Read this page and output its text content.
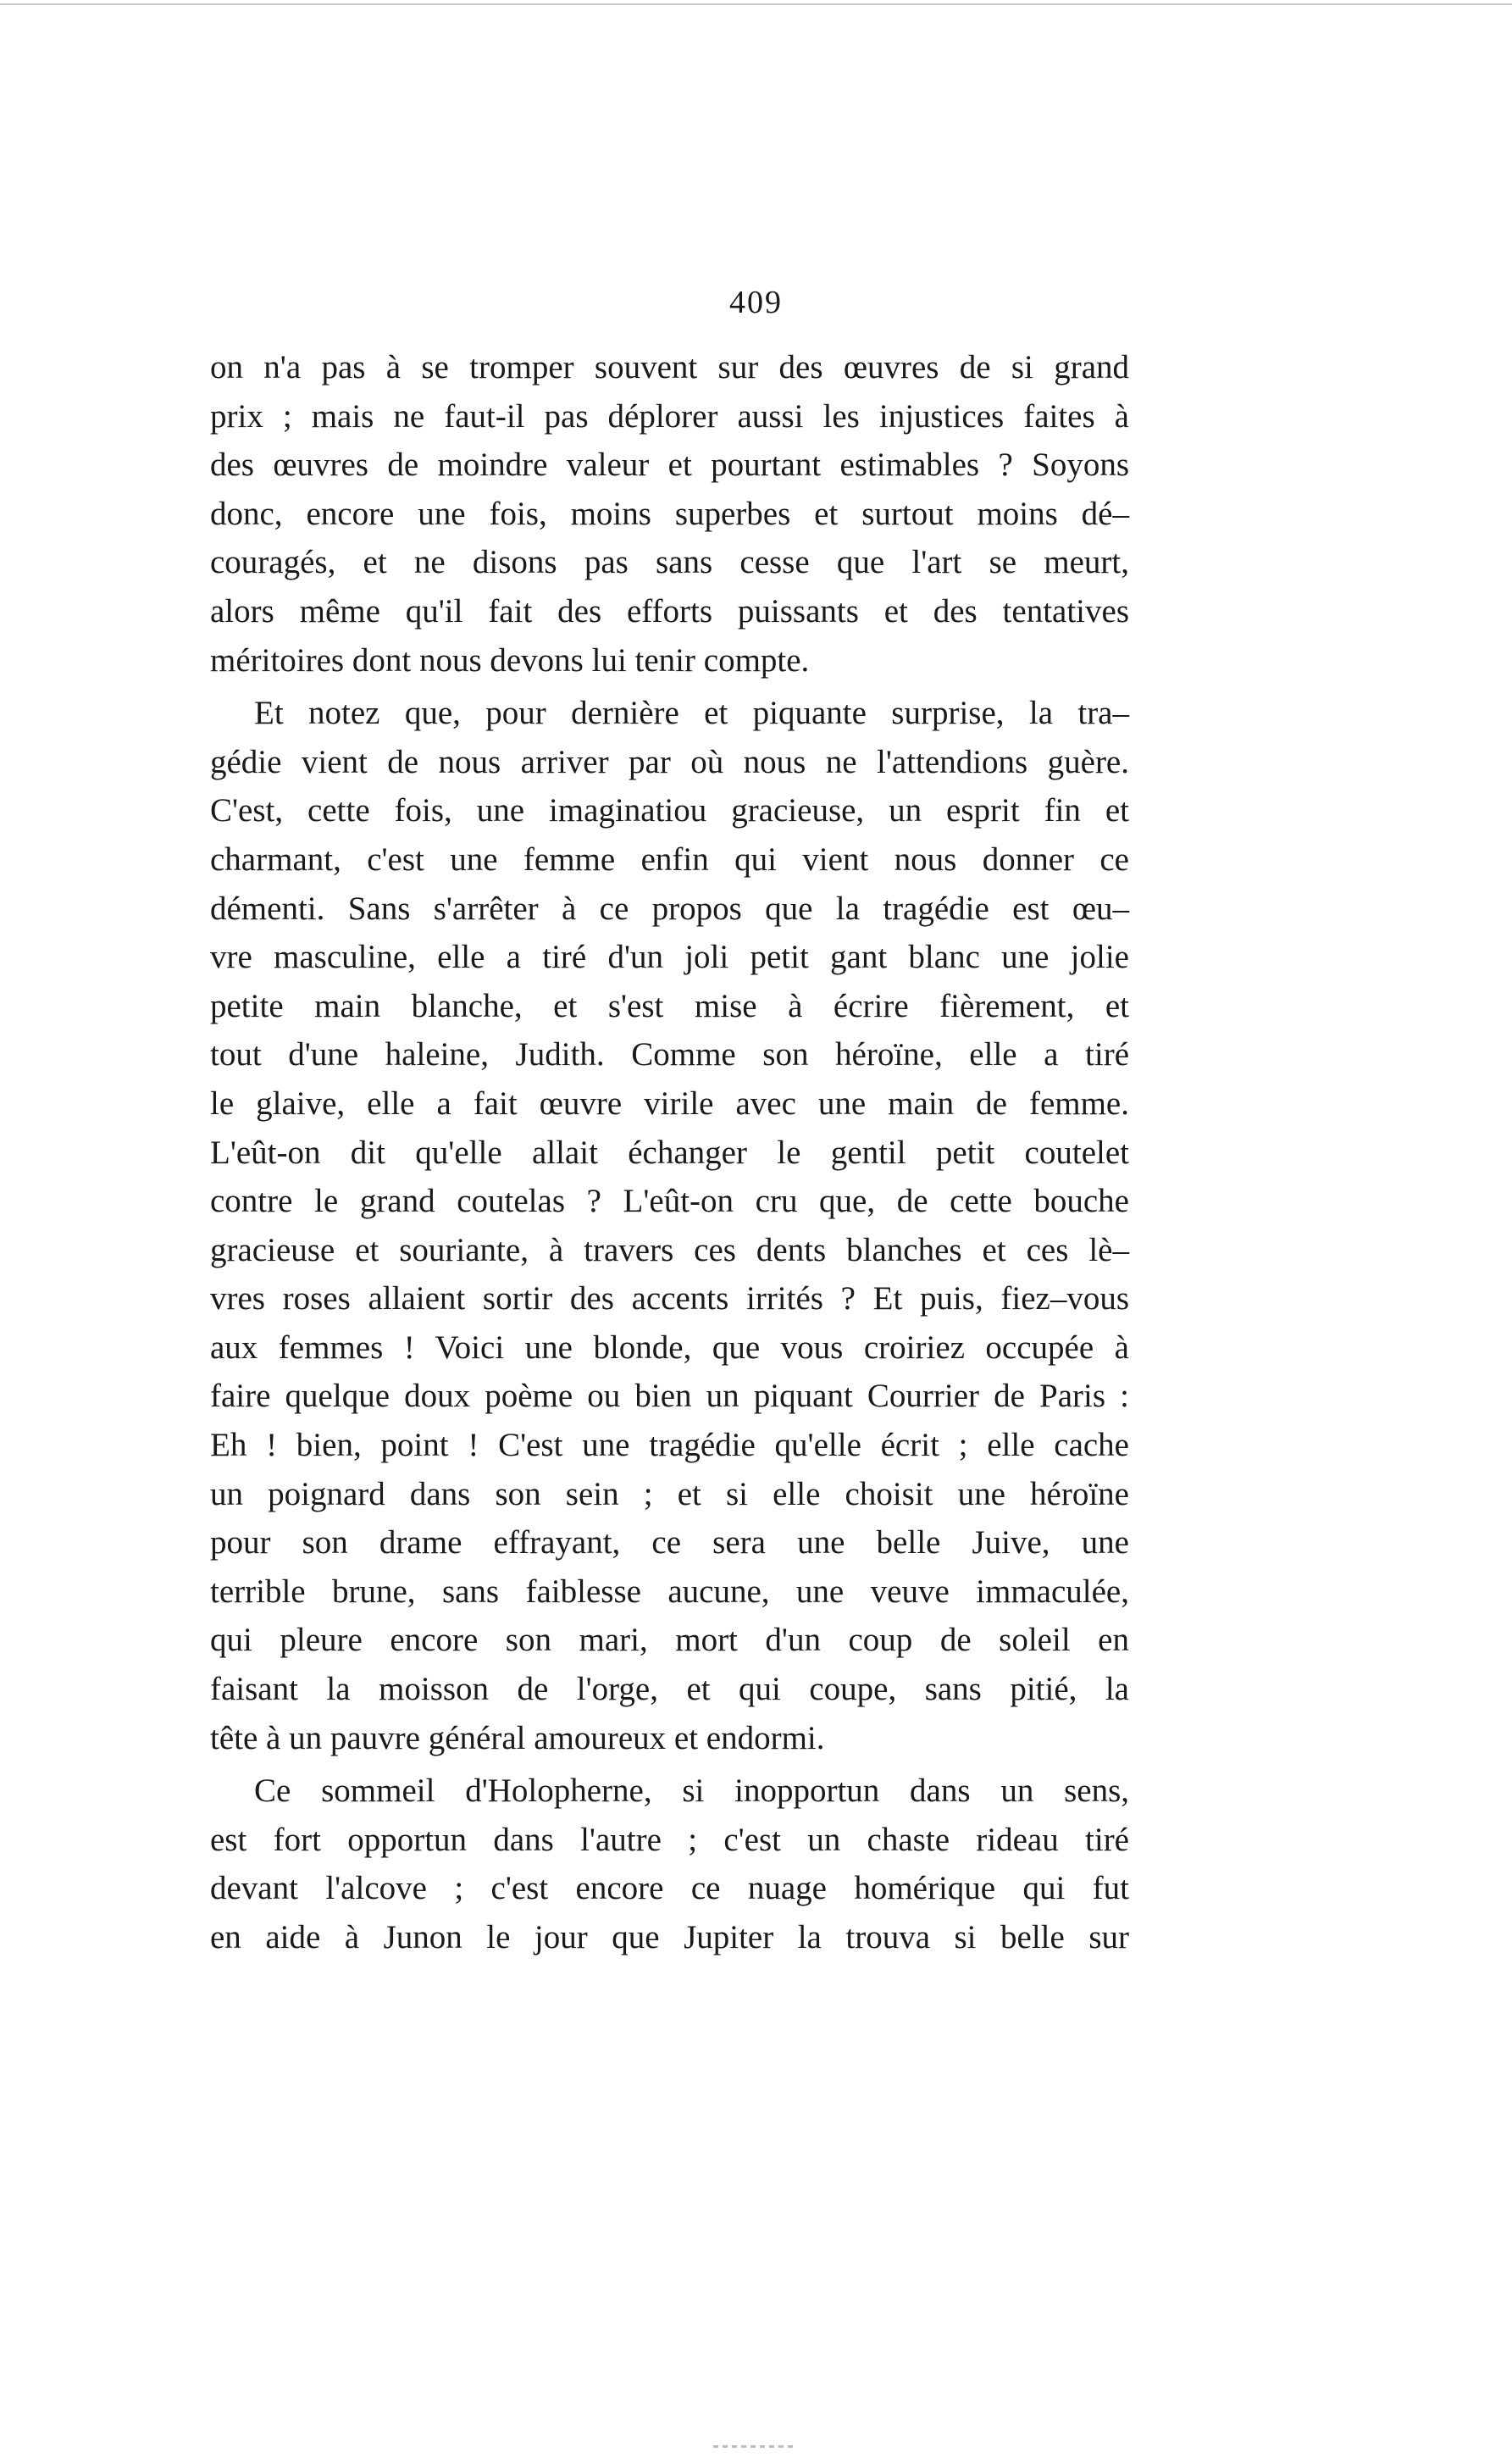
409
on n'a pas à se tromper souvent sur des œuvres de si grand
prix ; mais ne faut-il pas déplorer aussi les injustices faites à
des œuvres de moindre valeur et pourtant estimables ? Soyons
donc, encore une fois, moins superbes et surtout moins dé–
couragés, et ne disons pas sans cesse que l'art se meurt,
alors même qu'il fait des efforts puissants et des tentatives
méritoires dont nous devons lui tenir compte.
Et notez que, pour dernière et piquante surprise, la tra–
gédie vient de nous arriver par où nous ne l'attendions guère.
C'est, cette fois, une imaginatiou gracieuse, un esprit fin et
charmant, c'est une femme enfin qui vient nous donner ce
démenti. Sans s'arrêter à ce propos que la tragédie est œu–
vre masculine, elle a tiré d'un joli petit gant blanc une jolie
petite main blanche, et s'est mise à écrire fièrement, et
tout d'une haleine, Judith. Comme son héroïne, elle a tiré
le glaive, elle a fait œuvre virile avec une main de femme.
L'eût-on dit qu'elle allait échanger le gentil petit coutelet
contre le grand coutelas ? L'eût-on cru que, de cette bouche
gracieuse et souriante, à travers ces dents blanches et ces lè–
vres roses allaient sortir des accents irrités ? Et puis, fiez–vous
aux femmes ! Voici une blonde, que vous croiriez occupée à
faire quelque doux poème ou bien un piquant Courrier de Paris :
Eh ! bien, point ! C'est une tragédie qu'elle écrit ; elle cache
un poignard dans son sein ; et si elle choisit une héroïne
pour son drame effrayant, ce sera une belle Juive, une
terrible brune, sans faiblesse aucune, une veuve immaculée,
qui pleure encore son mari, mort d'un coup de soleil en
faisant la moisson de l'orge, et qui coupe, sans pitié, la
tête à un pauvre général amoureux et endormi.
Ce sommeil d'Holopherne, si inopportun dans un sens,
est fort opportun dans l'autre ; c'est un chaste rideau tiré
devant l'alcove ; c'est encore ce nuage homérique qui fut
en aide à Junon le jour que Jupiter la trouva si belle sur
